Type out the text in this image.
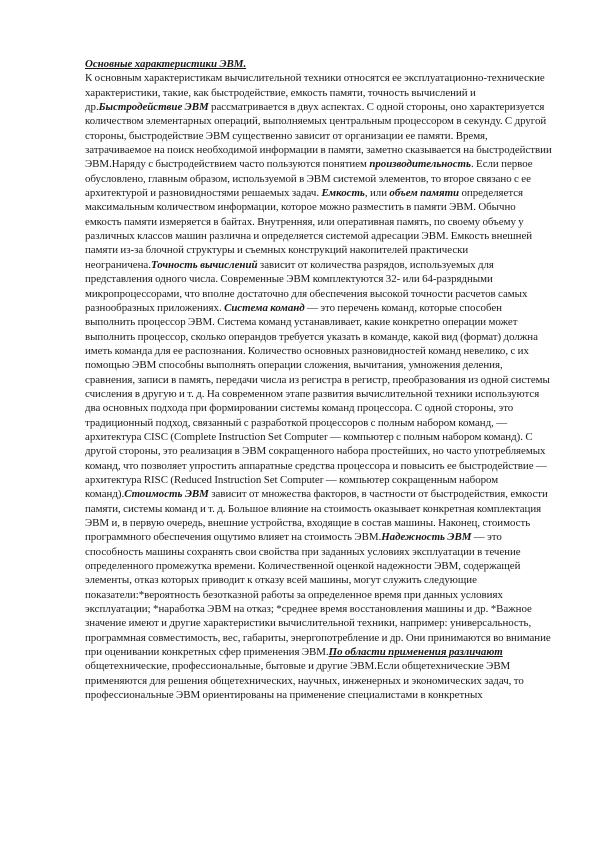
Основные характеристики ЭВМ.

К основным характеристикам вычислительной техники относятся ее эксплуатационно-технические характеристики, такие, как быстродействие, емкость памяти, точность вычислений и др.Быстродействие ЭВМ рассматривается в двух аспектах. С одной стороны, оно характеризуется количеством элементарных операций, выполняемых центральным процессором в секунду. С другой стороны, быстродействие ЭВМ существенно зависит от организации ее памяти. Время, затрачиваемое на поиск необходимой информации в памяти, заметно сказывается на быстродействии ЭВМ.Наряду с быстродействием часто пользуются понятием производительность. Если первое обусловлено, главным образом, используемой в ЭВМ системой элементов, то второе связано с ее архитектурой и разновидностями решаемых задач. Емкость, или объем памяти определяется максимальным количеством информации, которое можно разместить в памяти ЭВМ. Обычно емкость памяти измеряется в байтах. Внутренняя, или оперативная память, по своему объему у различных классов машин различна и определяется системой адресации ЭВМ. Емкость внешней памяти из-за блочной структуры и съемных конструкций накопителей практически неограничена.Точность вычислений зависит от количества разрядов, используемых для представления одного числа. Современные ЭВМ комплектуются 32- или 64-разрядными микропроцессорами, что вполне достаточно для обеспечения высокой точности расчетов самых разнообразных приложениях. Система команд — это перечень команд, которые способен выполнить процессор ЭВМ. Система команд устанавливает, какие конкретно операции может выполнить процессор, сколько операндов требуется указать в команде, какой вид (формат) должна иметь команда для ее распознания. Количество основных разновидностей команд невелико, с их помощью ЭВМ способны выполнять операции сложения, вычитания, умножения деления, сравнения, записи в память, передачи числа из регистра в регистр, преобразования из одной системы счисления в другую и т. д. На современном этапе развития вычислительной техники используются два основных подхода при формировании системы команд процессора. С одной стороны, это традиционный подход, связанный с разработкой процессоров с полным набором команд, — архитектура CISC (Complete Instruction Set Computer — компьютер с полным набором команд). С другой стороны, это реализация в ЭВМ сокращенного набора простейших, но часто употребляемых команд, что позволяет упростить аппаратные средства процессора и повысить ее быстродействие — архитектура RISC (Reduced Instruction Set Computer — компьютер сокращенным набором команд).Стоимость ЭВМ зависит от множества факторов, в частности от быстродействия, емкости памяти, системы команд и т. д. Большое влияние на стоимость оказывает конкретная комплектация ЭВМ и, в первую очередь, внешние устройства, входящие в состав машины. Наконец, стоимость программного обеспечения ощутимо влияет на стоимость ЭВМ.Надежность ЭВМ — это способность машины сохранять свои свойства при заданных условиях эксплуатации в течение определенного промежутка времени. Количественной оценкой надежности ЭВМ, содержащей элементы, отказ которых приводит к отказу всей машины, могут служить следующие показатели:*вероятность безотказной работы за определенное время при данных условиях эксплуатации; *наработка ЭВМ на отказ; *среднее время восстановления машины и др. *Важное значение имеют и другие характеристики вычислительной техники, например: универсальность, программная совместимость, вес, габариты, энергопотребление и др. Они принимаются во внимание при оценивании конкретных сфер применения ЭВМ.По области применения различают общетехнические, профессиональные, бытовые и другие ЭВМ.Если общетехнические ЭВМ применяются для решения общетехнических, научных, инженерных и экономических задач, то профессиональные ЭВМ ориентированы на применение специалистами в конкретных
